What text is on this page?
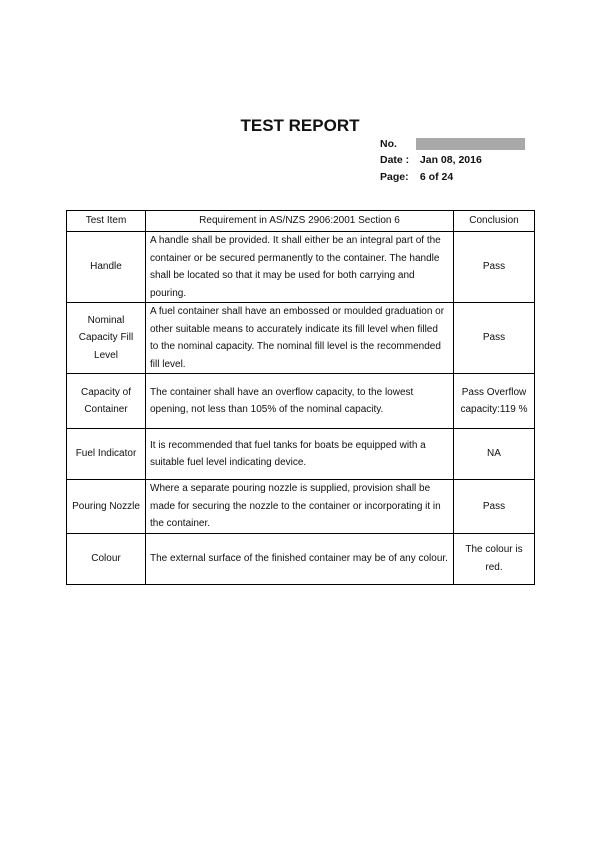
TEST REPORT
No.
Date : Jan 08, 2016
Page: 6 of 24
Test Item	Requirement in AS/NZS 2906:2001 Section 6	Conclusion
Handle	A handle shall be provided. It shall either be an integral part of the container or be secured permanently to the container. The handle shall be located so that it may be used for both carrying and pouring.	Pass
Nominal Capacity Fill Level	A fuel container shall have an embossed or moulded graduation or other suitable means to accurately indicate its fill level when filled to the nominal capacity. The nominal fill level is the recommended fill level.	Pass
Capacity of Container	The container shall have an overflow capacity, to the lowest opening, not less than 105% of the nominal capacity.	Pass Overflow capacity:119 %
Fuel Indicator	It is recommended that fuel tanks for boats be equipped with a suitable fuel level indicating device.	NA
Pouring Nozzle	Where a separate pouring nozzle is supplied, provision shall be made for securing the nozzle to the container or incorporating it in the container.	Pass
Colour	The external surface of the finished container may be of any colour.	The colour is red.
